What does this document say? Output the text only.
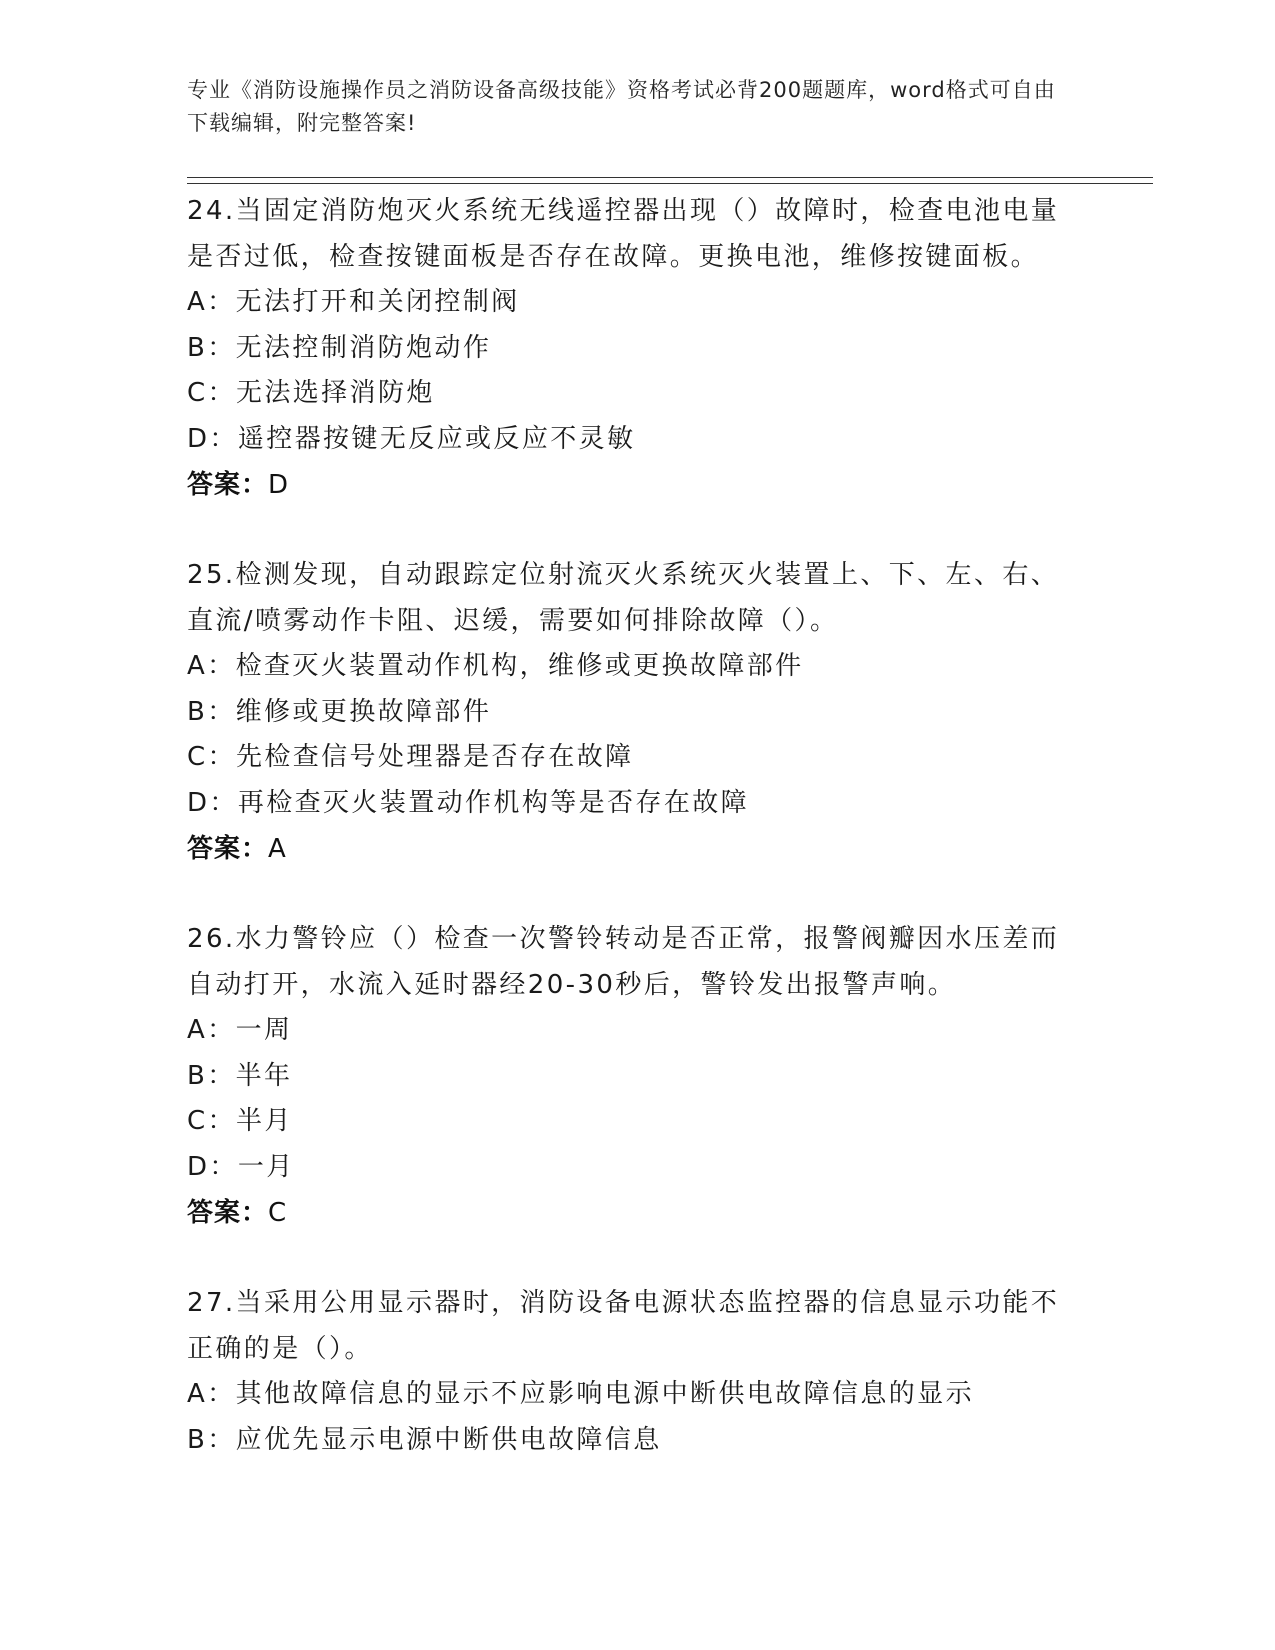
专业《消防设施操作员之消防设备高级技能》资格考试必背200题题库，word格式可自由下载编辑，附完整答案!

24.当固定消防炮灭火系统无线遥控器出现（）故障时，检查电池电量是否过低，检查按键面板是否存在故障。更换电池，维修按键面板。

A：无法打开和关闭控制阀

B：无法控制消防炮动作

C：无法选择消防炮

D：遥控器按键无反应或反应不灵敏

答案：D

25.检测发现，自动跟踪定位射流灭火系统灭火装置上、下、左、右、直流/喷雾动作卡阻、迟缓，需要如何排除故障（）。

A：检查灭火装置动作机构，维修或更换故障部件

B：维修或更换故障部件

C：先检查信号处理器是否存在故障

D：再检查灭火装置动作机构等是否存在故障

答案：A

26.水力警铃应（）检查一次警铃转动是否正常，报警阀瓣因水压差而自动打开，水流入延时器经20-30秒后，警铃发出报警声响。

A：一周

B：半年

C：半月

D：一月

答案：C

27.当采用公用显示器时，消防设备电源状态监控器的信息显示功能不正确的是（）。

A：其他故障信息的显示不应影响电源中断供电故障信息的显示

B：应优先显示电源中断供电故障信息
